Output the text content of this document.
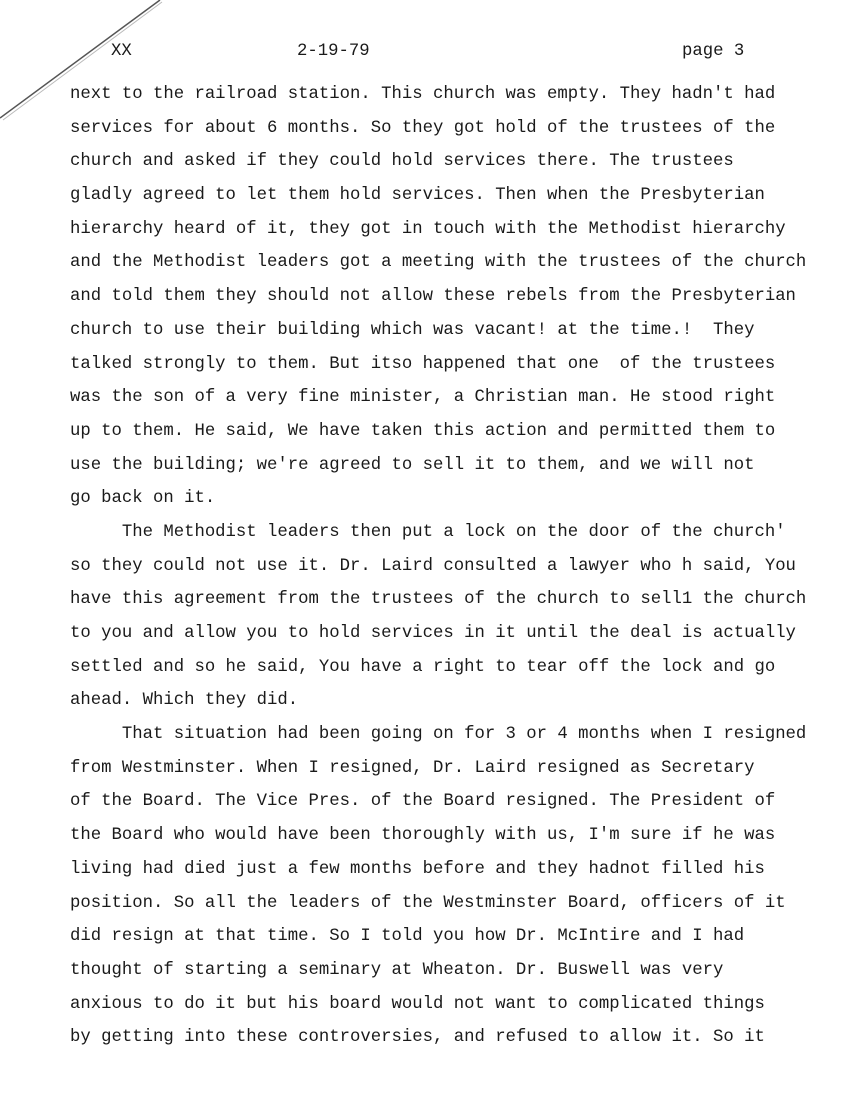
XX	2-19-79	page 3
next to the railroad station. This church was empty. They hadn't had
services for about 6 months. So they got hold of the trustees of the
church and asked if they could hold services there. The trustees
gladly agreed to let them hold services. Then when the Presbyterian
hierarchy heard of it, they got in touch with the Methodist hierarchy
and the Methodist leaders got a meeting with the trustees of the church
and told them they should not allow these rebels from the Presbyterian
church to use their building which was vacant! at the time.!  They
talked strongly to them. But itso happened that one  of the trustees
was the son of a very fine minister, a Christian man. He stood right
up to them. He said, We have taken this action and permitted them to
use the building; we're agreed to sell it to them, and we will not
go back on it.
The Methodist leaders then put a lock on the door of the church'
so they could not use it. Dr. Laird consulted a lawyer who h said, You
have this agreement from the trustees of the church to sell1 the church
to you and allow you to hold services in it until the deal is actually
settled and so he said, You have a right to tear off the lock and go
ahead. Which they did.
That situation had been going on for 3 or 4 months when I resigned
from Westminster. When I resigned, Dr. Laird resigned as Secretary
of the Board. The Vice Pres. of the Board resigned. The President of
the Board who would have been thoroughly with us, I'm sure if he was
living had died just a few months before and they hadnot filled his
position. So all the leaders of the Westminster Board, officers of it
did resign at that time. So I told you how Dr. McIntire and I had
thought of starting a seminary at Wheaton. Dr. Buswell was very
anxious to do it but his board would not want to complicated things
by getting into these controversies, and refused to allow it. So it
